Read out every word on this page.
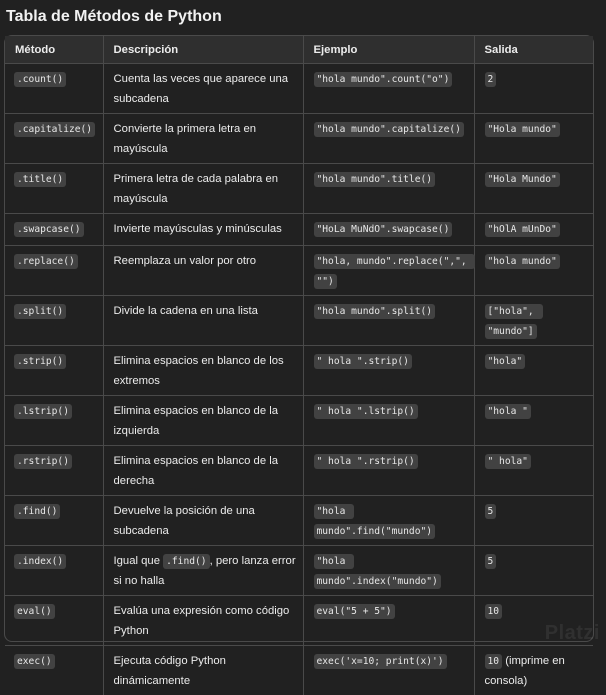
Tabla de Métodos de Python
Método	Descripción	Ejemplo	Salida
.count()	Cuenta las veces que aparece una subcadena	"hola mundo".count("o")	2
.capitalize()	Convierte la primera letra en mayúscula	"hola mundo".capitalize()	"Hola mundo"
.title()	Primera letra de cada palabra en mayúscula	"hola mundo".title()	"Hola Mundo"
.swapcase()	Invierte mayúsculas y minúsculas	"HoLa MuNdO".swapcase()	"hOlA mUnDo"
.replace()	Reemplaza un valor por otro	"hola, mundo".replace(",", "")	"hola mundo"
.split()	Divide la cadena en una lista	"hola mundo".split()	["hola", "mundo"]
.strip()	Elimina espacios en blanco de los extremos	" hola ".strip()	"hola"
.lstrip()	Elimina espacios en blanco de la izquierda	" hola ".lstrip()	"hola "
.rstrip()	Elimina espacios en blanco de la derecha	" hola ".rstrip()	" hola"
.find()	Devuelve la posición de una subcadena	"hola mundo".find("mundo")	5
.index()	Igual que .find() , pero lanza error si no halla	"hola mundo".index("mundo")	5
eval()	Evalúa una expresión como código Python	eval("5 + 5")	10
exec()	Ejecuta código Python dinámicamente	exec('x=10; print(x)')	10 (imprime en consola)
Platzi
